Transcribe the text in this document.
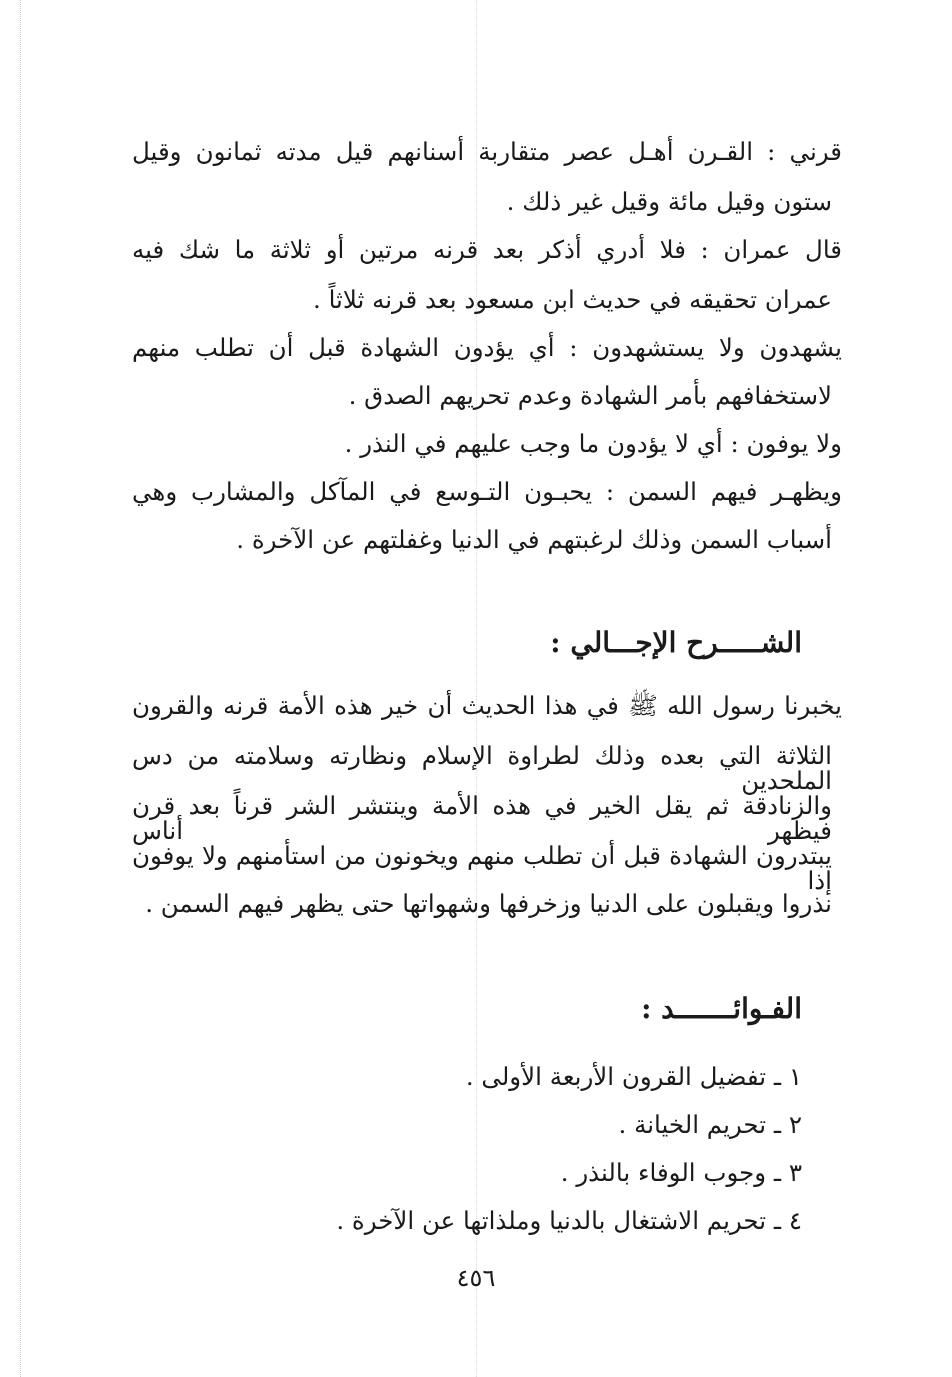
قرني : القـرن أهـل عصر متقاربة أسنانهم قيل مدته ثمانون وقيل
ستون وقيل مائة وقيل غير ذلك .
قال عمران : فلا أدري أذكر بعد قرنه مرتين أو ثلاثة ما شك فيه
عمران تحقيقه في حديث ابن مسعود بعد قرنه ثلاثاً .
يشهدون ولا يستشهدون : أي يؤدون الشهادة قبل أن تطلب منهم
لاستخفافهم بأمر الشهادة وعدم تحريهم الصدق .
ولا يوفون : أي لا يؤدون ما وجب عليهم في النذر .
ويظهـر فيهم السمن : يحبـون التـوسع في المآكل والمشارب وهي
أسباب السمن وذلك لرغبتهم في الدنيا وغفلتهم عن الآخرة .
الشـــــرح الإجـــالي :
يخبرنا رسول الله ﷺ في هذا الحديث أن خير هذه الأمة قرنه والقرون
الثلاثة التي بعده وذلك لطراوة الإسلام ونظارته وسلامته من دس الملحدين
والزنادقة ثم يقل الخير في هذه الأمة وينتشر الشر قرناً بعد قرن فيظهر أناس
يبتدرون الشهادة قبل أن تطلب منهم ويخونون من استأمنهم ولا يوفون إذا
نذروا ويقبلون على الدنيا وزخرفها وشهواتها حتى يظهر فيهم السمن .
الفـوائـــــــد :
١ ـ تفضيل القرون الأربعة الأولى .
٢ ـ تحريم الخيانة .
٣ ـ وجوب الوفاء بالنذر .
٤ ـ تحريم الاشتغال بالدنيا وملذاتها عن الآخرة .
٤٥٦
